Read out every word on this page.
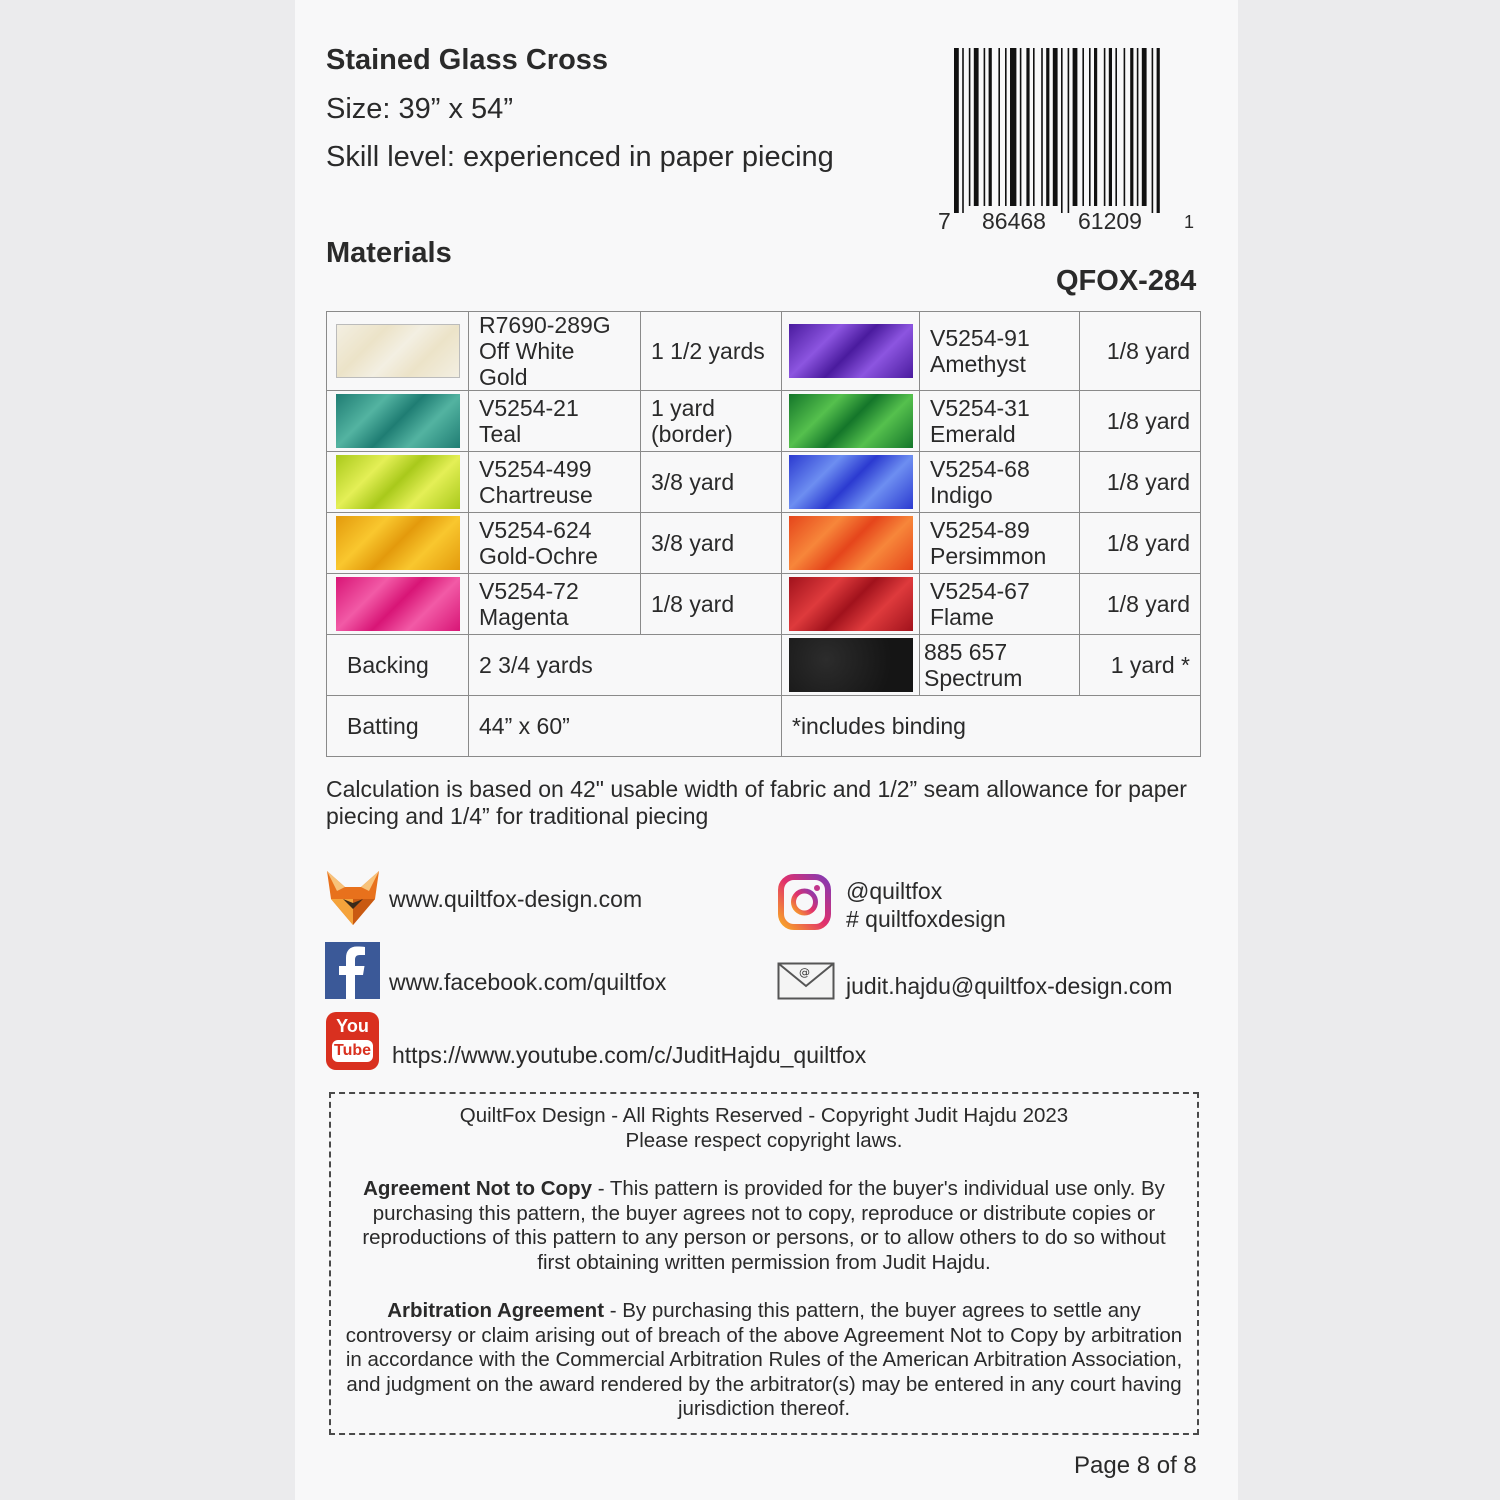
Stained Glass Cross
Size: 39” x 54”
Skill level: experienced in paper piecing
Materials
QFOX-284
7 86468 61209 1
	R7690-289G
Off White
Gold	1 1/2 yards		V5254-91
Amethyst	1/8 yard

	V5254-21
Teal	1 yard
(border)		V5254-31
Emerald	1/8 yard

	V5254-499
Chartreuse	3/8 yard		V5254-68
Indigo	1/8 yard

	V5254-624
Gold-Ochre	3/8 yard		V5254-89
Persimmon	1/8 yard

	V5254-72
Magenta	1/8 yard		V5254-67
Flame	1/8 yard
Backing	2 3/4 yards			885 657
Spectrum	1 yard *
Batting	44” x 60”		*includes binding		
Calculation is based on 42" usable width of fabric and 1/2” seam allowance for paper piecing and 1/4” for traditional piecing
www.quiltfox-design.com	@quiltfox
# quiltfoxdesign
www.facebook.com/quiltfox	@
judit.hajdu@quiltfox-design.com
You
Tube https://www.youtube.com/c/JuditHajdu_quiltfox

QuiltFox Design - All Rights Reserved - Copyright Judit Hajdu 2023
Please respect copyright laws.

Agreement Not to Copy - This pattern is provided for the buyer's individual use only. By purchasing this pattern, the buyer agrees not to copy, reproduce or distribute copies or reproductions of this pattern to any person or persons, or to allow others to do so without first obtaining written permission from Judit Hajdu.

Arbitration Agreement - By purchasing this pattern, the buyer agrees to settle any controversy or claim arising out of breach of the above Agreement Not to Copy by arbitration in accordance with the Commercial Arbitration Rules of the American Arbitration Association, and judgment on the award rendered by the arbitrator(s) may be entered in any court having jurisdiction thereof.

Page 8 of 8
